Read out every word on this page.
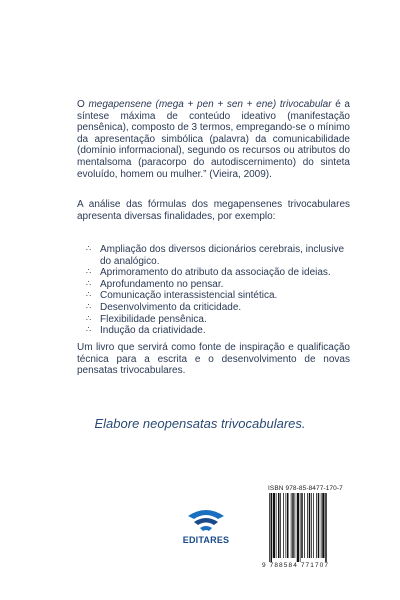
O megapensene (mega + pen + sen + ene) trivocabular é a síntese máxima de conteúdo ideativo (manifestação pensênica), composto de 3 termos, empregando-se o mínimo da apresentação simbólica (palavra) da comunicabilidade (domínio informacional), segundo os recursos ou atributos do mentalsoma (paracorpo do autodiscernimento) do sinteta evoluído, homem ou mulher.” (Vieira, 2009).

A análise das fórmulas dos megapensenes trivocabulares apresenta diversas finalidades, por exemplo:

∴ Ampliação dos diversos dicionários cerebrais, inclusive do analógico.
∴ Aprimoramento do atributo da associação de ideias.
∴ Aprofundamento no pensar.
∴ Comunicação interassistencial sintética.
∴ Desenvolvimento da criticidade.
∴ Flexibilidade pensênica.
∴ Indução da criatividade.

Um livro que servirá como fonte de inspiração e qualificação técnica para a escrita e o desenvolvimento de novas pensatas trivocabulares.

Elabore neopensatas trivocabulares.
EDITARES
ISBN 978-85-8477-170-7
9 788584 771707
